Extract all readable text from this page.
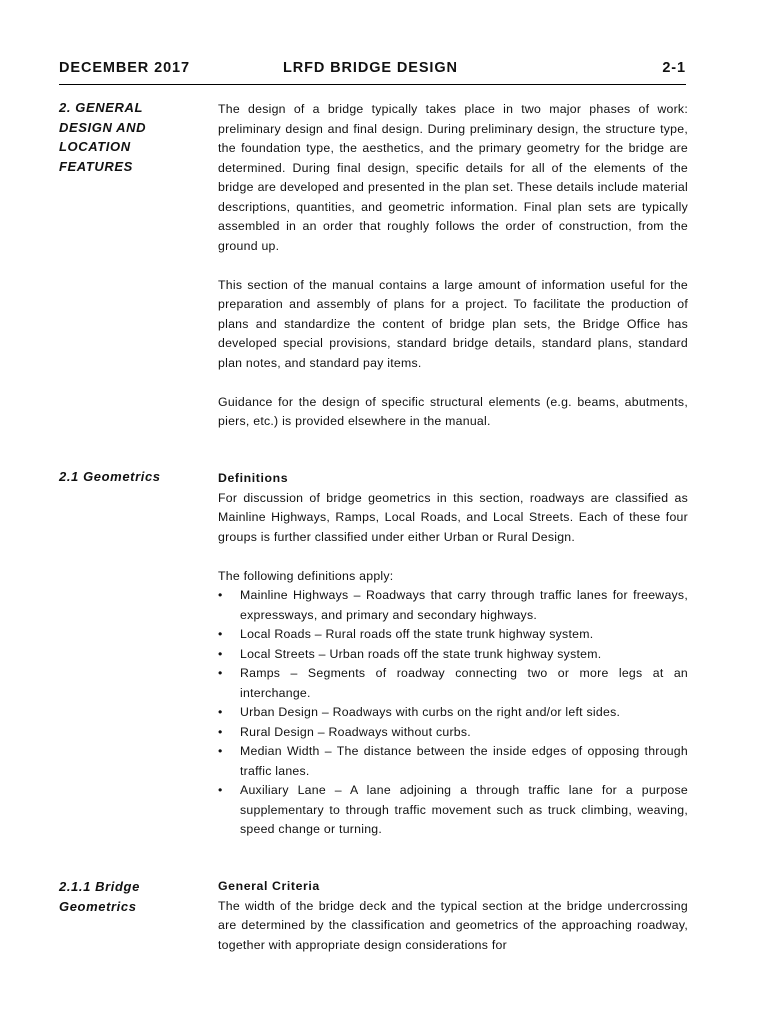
DECEMBER 2017	LRFD BRIDGE DESIGN	2-1
2. GENERAL DESIGN AND LOCATION FEATURES

The design of a bridge typically takes place in two major phases of work: preliminary design and final design. During preliminary design, the structure type, the foundation type, the aesthetics, and the primary geometry for the bridge are determined. During final design, specific details for all of the elements of the bridge are developed and presented in the plan set. These details include material descriptions, quantities, and geometric information. Final plan sets are typically assembled in an order that roughly follows the order of construction, from the ground up.

This section of the manual contains a large amount of information useful for the preparation and assembly of plans for a project. To facilitate the production of plans and standardize the content of bridge plan sets, the Bridge Office has developed special provisions, standard bridge details, standard plans, standard plan notes, and standard pay items.

Guidance for the design of specific structural elements (e.g. beams, abutments, piers, etc.) is provided elsewhere in the manual.

2.1 Geometrics	Definitions

For discussion of bridge geometrics in this section, roadways are classified as Mainline Highways, Ramps, Local Roads, and Local Streets. Each of these four groups is further classified under either Urban or Rural Design.

The following definitions apply:

• Mainline Highways – Roadways that carry through traffic lanes for freeways, expressways, and primary and secondary highways.
• Local Roads – Rural roads off the state trunk highway system.
• Local Streets – Urban roads off the state trunk highway system.
• Ramps – Segments of roadway connecting two or more legs at an interchange.
• Urban Design – Roadways with curbs on the right and/or left sides.
• Rural Design – Roadways without curbs.
• Median Width – The distance between the inside edges of opposing through traffic lanes.
• Auxiliary Lane – A lane adjoining a through traffic lane for a purpose supplementary to through traffic movement such as truck climbing, weaving, speed change or turning.
2.1.1 Bridge Geometrics

General Criteria

The width of the bridge deck and the typical section at the bridge undercrossing are determined by the classification and geometrics of the approaching roadway, together with appropriate design considerations for
